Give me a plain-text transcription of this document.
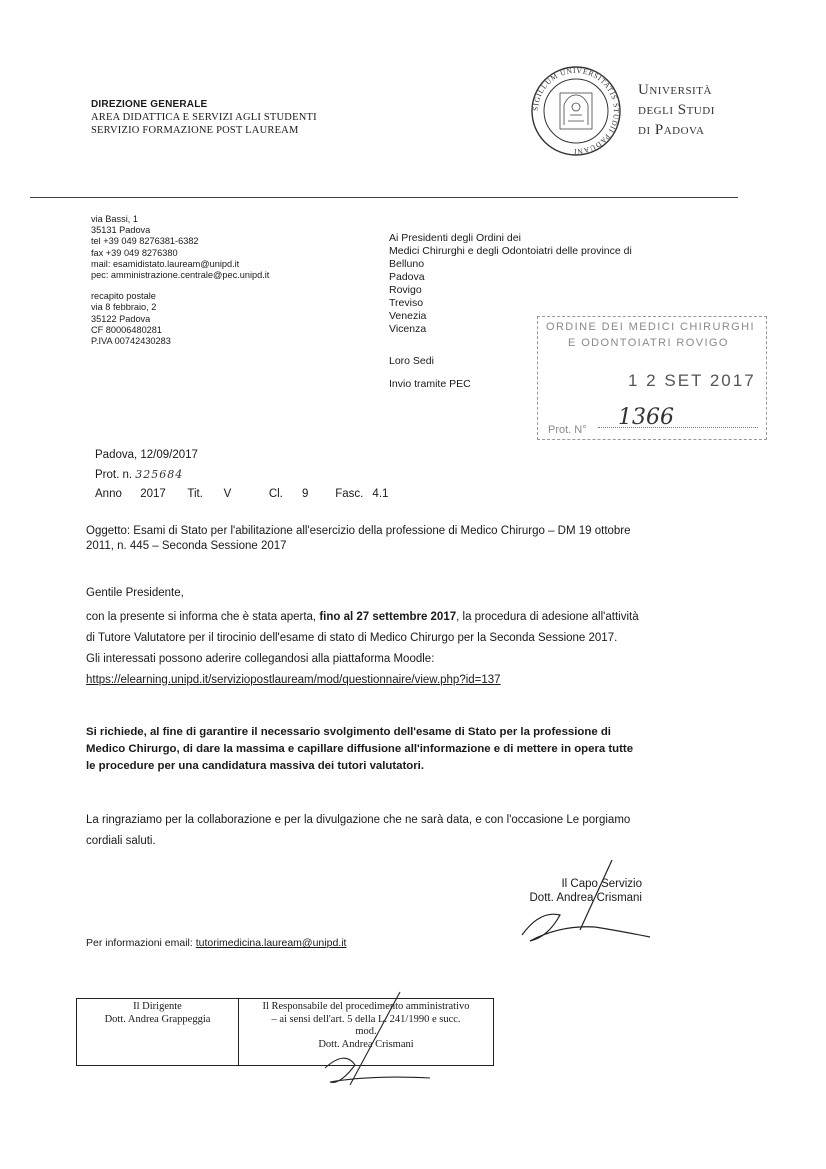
DIREZIONE GENERALE
AREA DIDATTICA E SERVIZI AGLI STUDENTI
SERVIZIO FORMAZIONE POST LAUREAM
SIGILLUM UNIVERSITATIS STUDII PADUANI
Università
degli Studi
di Padova
via Bassi, 1
35131 Padova
tel +39 049 8276381-6382
fax +39 049 8276380
mail: esamidistato.lauream@unipd.it
pec: amministrazione.centrale@pec.unipd.it
recapito postale
via 8 febbraio, 2
35122 Padova
CF 80006480281
P.IVA 00742430283
Ai Presidenti degli Ordini dei
Medici Chirurghi e degli Odontoiatri delle province di
Belluno
Padova
Rovigo
Treviso
Venezia
Vicenza
Loro Sedi
Invio tramite PEC
ORDINE DEI MEDICI CHIRURGHI
E ODONTOIATRI ROVIGO
1 2 SET 2017
Prot. N° 1366
Padova, 12/09/2017
Prot. n. 325684
Anno 2017 Tit. V	Cl. 9 Fasc. 4.1
Oggetto: Esami di Stato per l'abilitazione all'esercizio della professione di Medico Chirurgo – DM 19 ottobre
2011, n. 445 – Seconda Sessione 2017
Gentile Presidente,
con la presente si informa che è stata aperta, fino al 27 settembre 2017, la procedura di adesione all'attività
di Tutore Valutatore per il tirocinio dell'esame di stato di Medico Chirurgo per la Seconda Sessione 2017.
Gli interessati possono aderire collegandosi alla piattaforma Moodle:
https://elearning.unipd.it/serviziopostlauream/mod/questionnaire/view.php?id=137
Si richiede, al fine di garantire il necessario svolgimento dell'esame di Stato per la professione di
Medico Chirurgo, di dare la massima e capillare diffusione all'informazione e di mettere in opera tutte
le procedure per una candidatura massiva dei tutori valutatori.
La ringraziamo per la collaborazione e per la divulgazione che ne sarà data, e con l'occasione Le porgiamo
cordiali saluti.
Il Capo Servizio
Dott. Andrea Crismani
Per informazioni email: tutorimedicina.lauream@unipd.it
Il Dirigente
Dott. Andrea Grappeggia

Il Responsabile del procedimento amministrativo
– ai sensi dell'art. 5 della L. 241/1990 e succ.
mod.
Dott. Andrea Crismani
